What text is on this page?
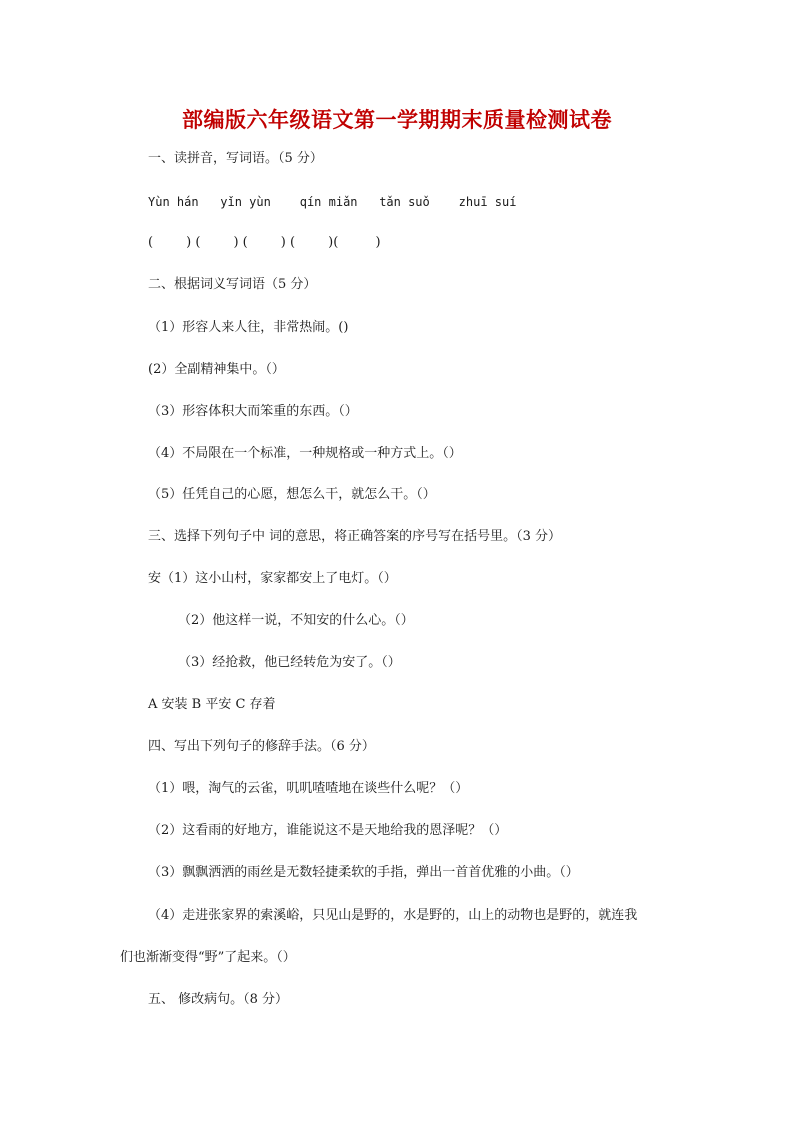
部编版六年级语文第一学期期末质量检测试卷
一、读拼音，写词语。（5 分）
Yùn hán   yǐn yùn    qín miǎn   tǎn suǒ    zhuī suí
(        ) (        ) (        ) (        )(         )
二、根据词义写词语（5 分）
（1）形容人来人往，非常热闹。()
(2）全副精神集中。（）
（3）形容体积大而笨重的东西。（）
（4）不局限在一个标准，一种规格或一种方式上。（）
（5）任凭自己的心愿，想怎么干，就怎么干。（）
三、选择下列句子中 词的意思，将正确答案的序号写在括号里。（3 分）
安（1）这小山村，家家都安上了电灯。（）
（2）他这样一说，不知安的什么心。（）
（3）经抢救，他已经转危为安了。（）
A 安装 B 平安 C 存着
四、写出下列句子的修辞手法。（6 分）
（1）喂，淘气的云雀，叽叽喳喳地在谈些什么呢？（）
（2）这看雨的好地方，谁能说这不是天地给我的恩泽呢？（）
（3）飘飘洒洒的雨丝是无数轻捷柔软的手指，弹出一首首优雅的小曲。（）
（4）走进张家界的索溪峪，只见山是野的，水是野的，山上的动物也是野的，就连我
们也渐渐变得“野”了起来。（）
五、 修改病句。（8 分）
